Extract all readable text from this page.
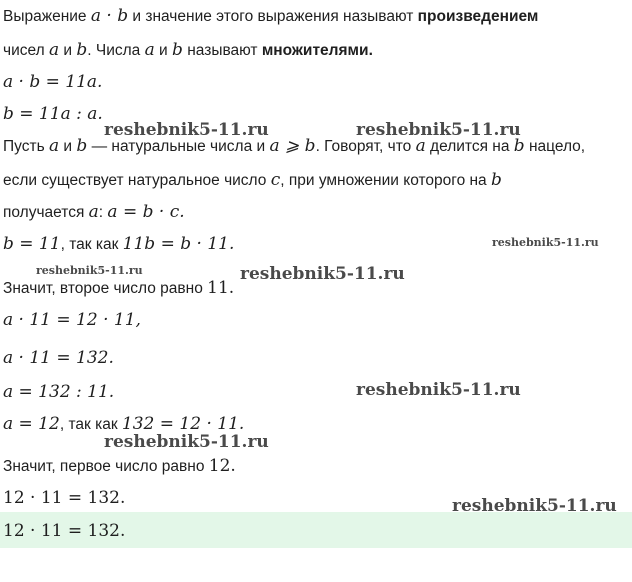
Выражение a · b и значение этого выражения называют произведением
чисел a и b. Числа a и b называют множителями.
a · b = 11a.
b = 11a : a.
Пусть a и b — натуральные числа и a ⩾ b. Говорят, что a делится на b нацело,
если существует натуральное число c, при умножении которого на b
получается a: a = b · c.
b = 11, так как 11b = b · 11.
Значит, второе число равно 11.
a · 11 = 12 · 11,
a · 11 = 132.
a = 132 : 11.
a = 12, так как 132 = 12 · 11.
Значит, первое число равно 12.
12 · 11 = 132.
12 · 11 = 132.
reshebnik5-11.ru	reshebnik5-11.ru
reshebnik5-11.ru
reshebnik5-11.ru	reshebnik5-11.ru
reshebnik5-11.ru
reshebnik5-11.ru
reshebnik5-11.ru
